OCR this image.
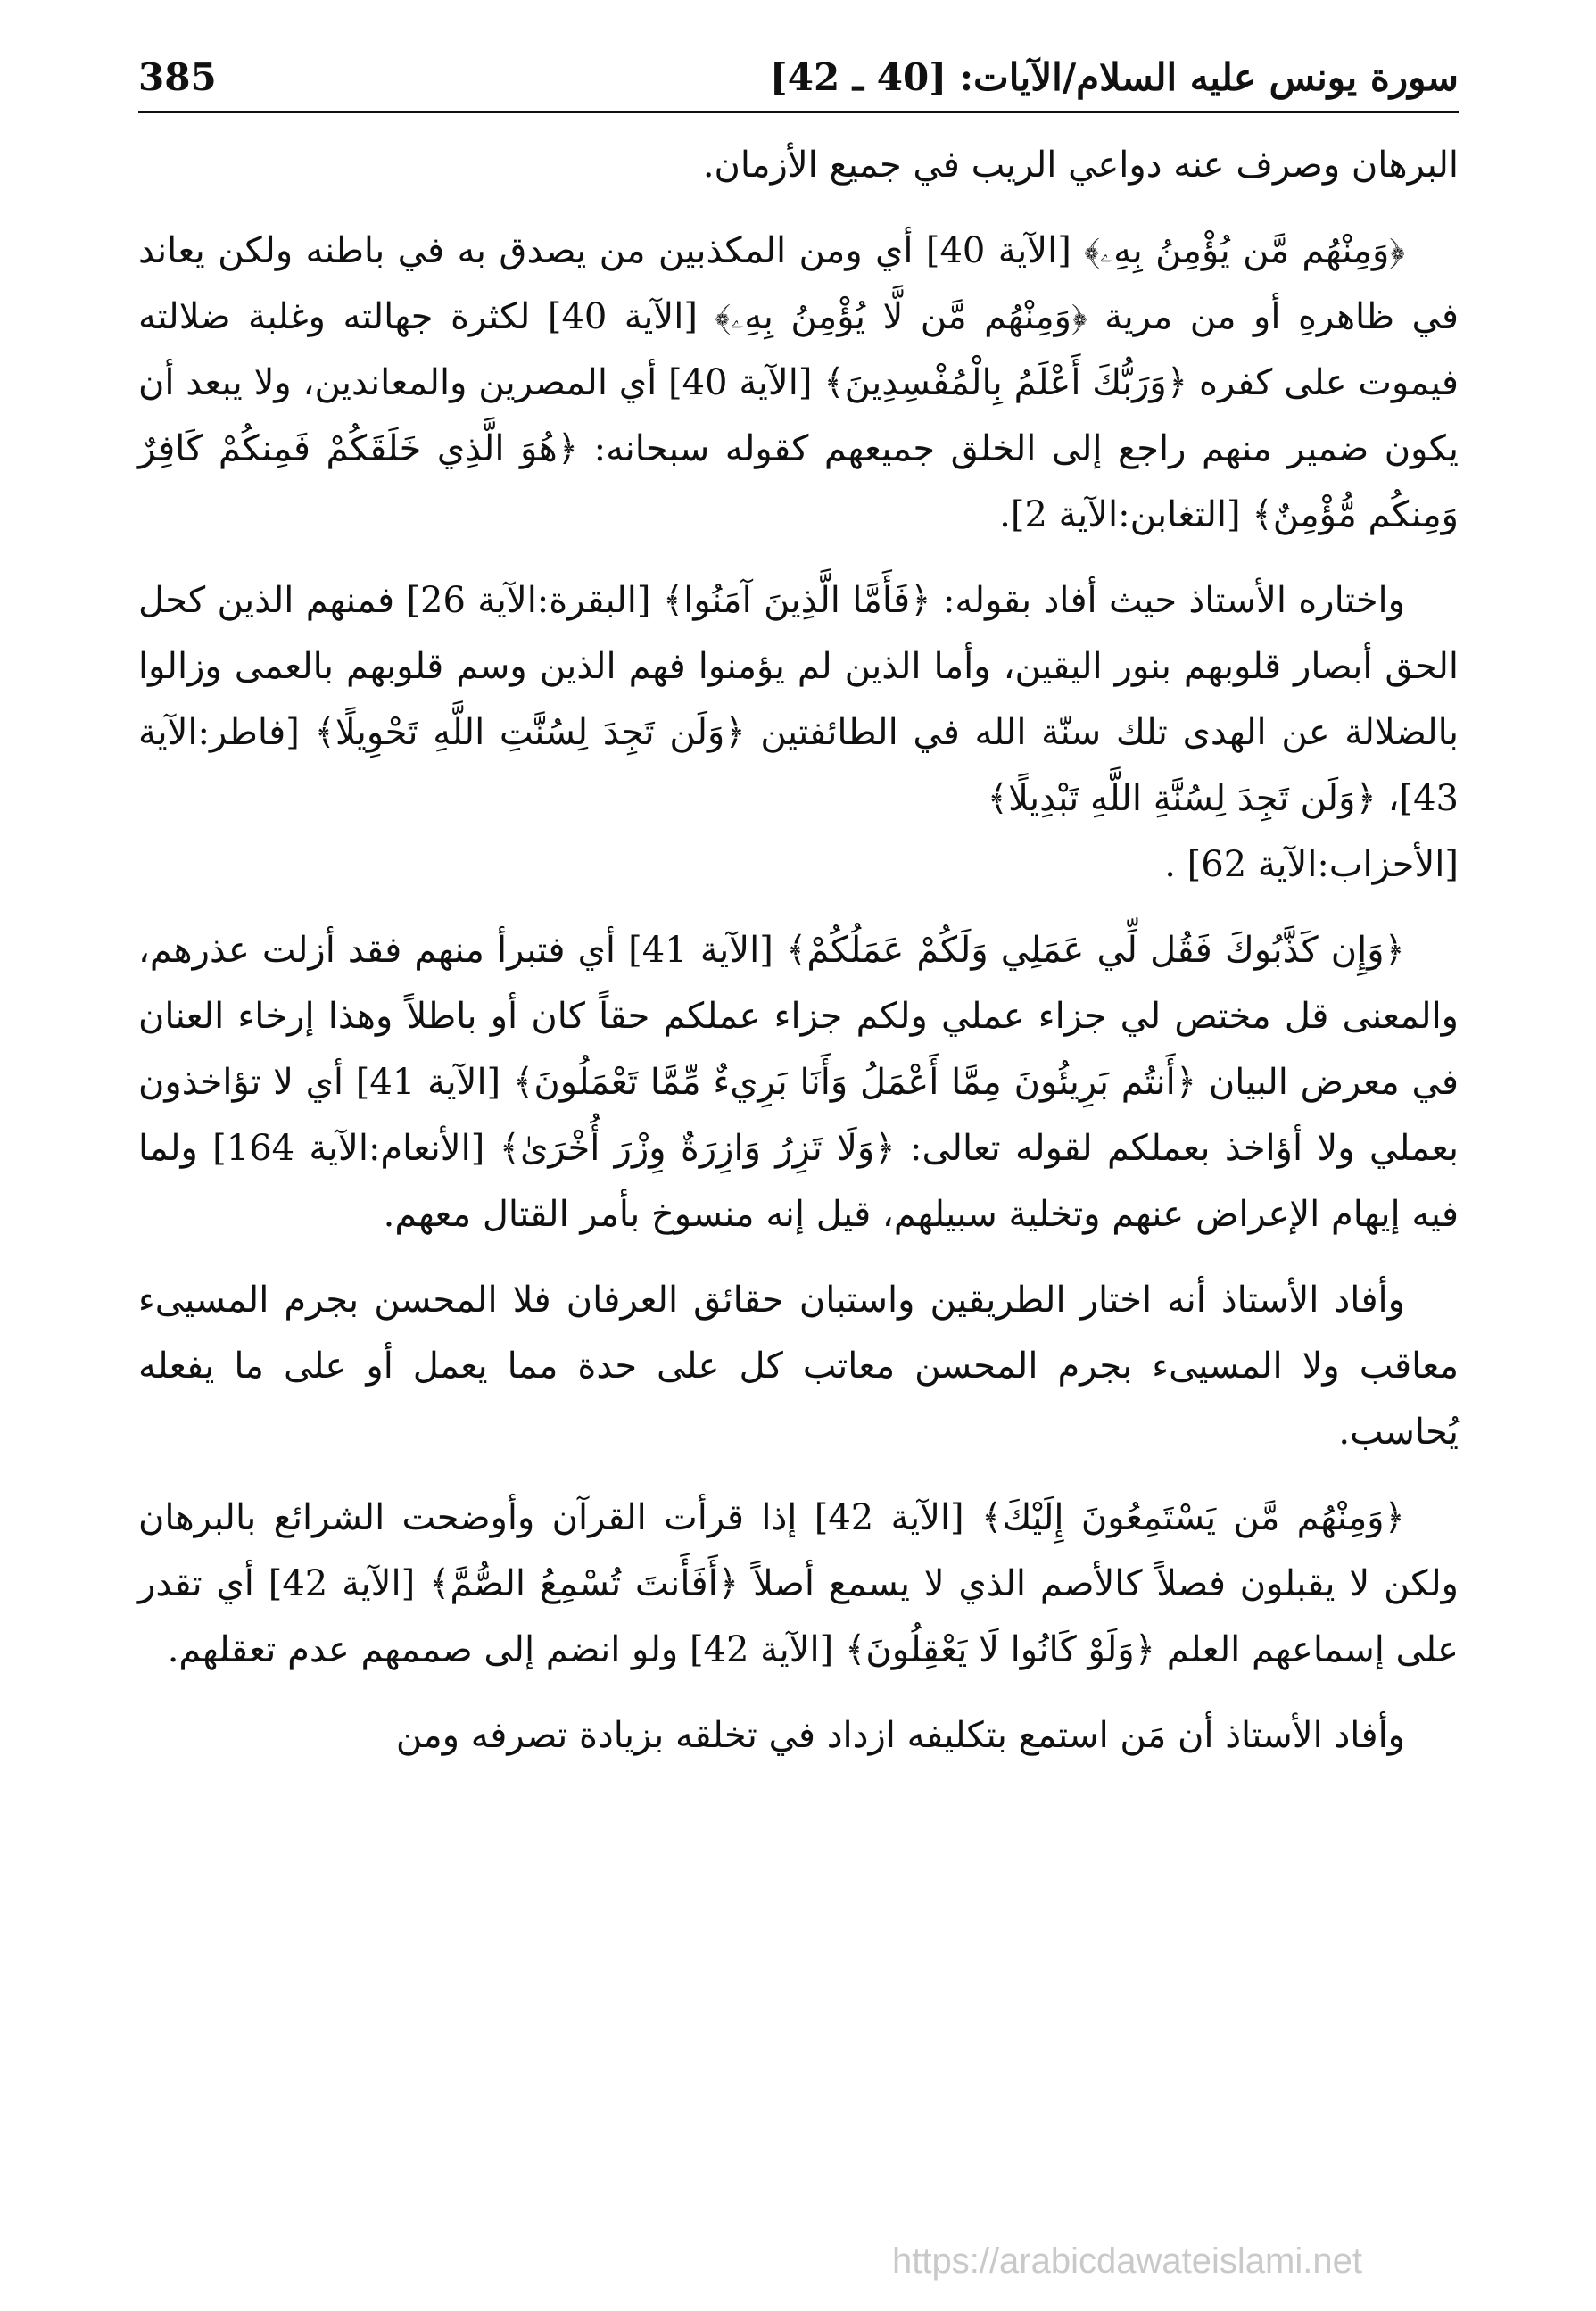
سورة يونس عليه السلام/الآيات: [40 ـ 42]
385

البرهان وصرف عنه دواعي الريب في جميع الأزمان.

﴿وَمِنْهُم مَّن يُؤْمِنُ بِهِۦ﴾ [الآية 40] أي ومن المكذبين من يصدق به في باطنه ولكن يعاند في ظاهرهِ أو من مرية ﴿وَمِنْهُم مَّن لَّا يُؤْمِنُ بِهِۦ﴾ [الآية 40] لكثرة جهالته وغلبة ضلالته فيموت على كفره ﴿وَرَبُّكَ أَعْلَمُ بِالْمُفْسِدِينَ﴾ [الآية 40] أي المصرين والمعاندين، ولا يبعد أن يكون ضمير منهم راجع إلى الخلق جميعهم كقوله سبحانه: ﴿هُوَ الَّذِي خَلَقَكُمْ فَمِنكُمْ كَافِرٌ وَمِنكُم مُّؤْمِنٌ﴾ [التغابن:الآية 2].

واختاره الأستاذ حيث أفاد بقوله: ﴿فَأَمَّا الَّذِينَ آمَنُوا﴾ [البقرة:الآية 26] فمنهم الذين كحل الحق أبصار قلوبهم بنور اليقين، وأما الذين لم يؤمنوا فهم الذين وسم قلوبهم بالعمى وزالوا بالضلالة عن الهدى تلك سنّة الله في الطائفتين ﴿وَلَن تَجِدَ لِسُنَّتِ اللَّهِ تَحْوِيلًا﴾ [فاطر:الآية 43]، ﴿وَلَن تَجِدَ لِسُنَّةِ اللَّهِ تَبْدِيلًا﴾

[الأحزاب:الآية 62] .

﴿وَإِن كَذَّبُوكَ فَقُل لِّي عَمَلِي وَلَكُمْ عَمَلُكُمْ﴾ [الآية 41] أي فتبرأ منهم فقد أزلت عذرهم، والمعنى قل مختص لي جزاء عملي ولكم جزاء عملكم حقاً كان أو باطلاً وهذا إرخاء العنان في معرض البيان ﴿أَنتُم بَرِيئُونَ مِمَّا أَعْمَلُ وَأَنَا بَرِيءٌ مِّمَّا تَعْمَلُونَ﴾ [الآية 41] أي لا تؤاخذون بعملي ولا أؤاخذ بعملكم لقوله تعالى: ﴿وَلَا تَزِرُ وَازِرَةٌ وِزْرَ أُخْرَىٰ﴾ [الأنعام:الآية 164] ولما فيه إيهام الإعراض عنهم وتخلية سبيلهم، قيل إنه منسوخ بأمر القتال معهم.

وأفاد الأستاذ أنه اختار الطريقين واستبان حقائق العرفان فلا المحسن بجرم المسيىء معاقب ولا المسيىء بجرم المحسن معاتب كل على حدة مما يعمل أو على ما يفعله يُحاسب.

﴿وَمِنْهُم مَّن يَسْتَمِعُونَ إِلَيْكَ﴾ [الآية 42] إذا قرأت القرآن وأوضحت الشرائع بالبرهان ولكن لا يقبلون فصلاً كالأصم الذي لا يسمع أصلاً ﴿أَفَأَنتَ تُسْمِعُ الصُّمَّ﴾ [الآية 42] أي تقدر على إسماعهم العلم ﴿وَلَوْ كَانُوا لَا يَعْقِلُونَ﴾ [الآية 42] ولو انضم إلى صممهم عدم تعقلهم.

وأفاد الأستاذ أن مَن استمع بتكليفه ازداد في تخلقه بزيادة تصرفه ومن

https://arabicdawateislami.net
